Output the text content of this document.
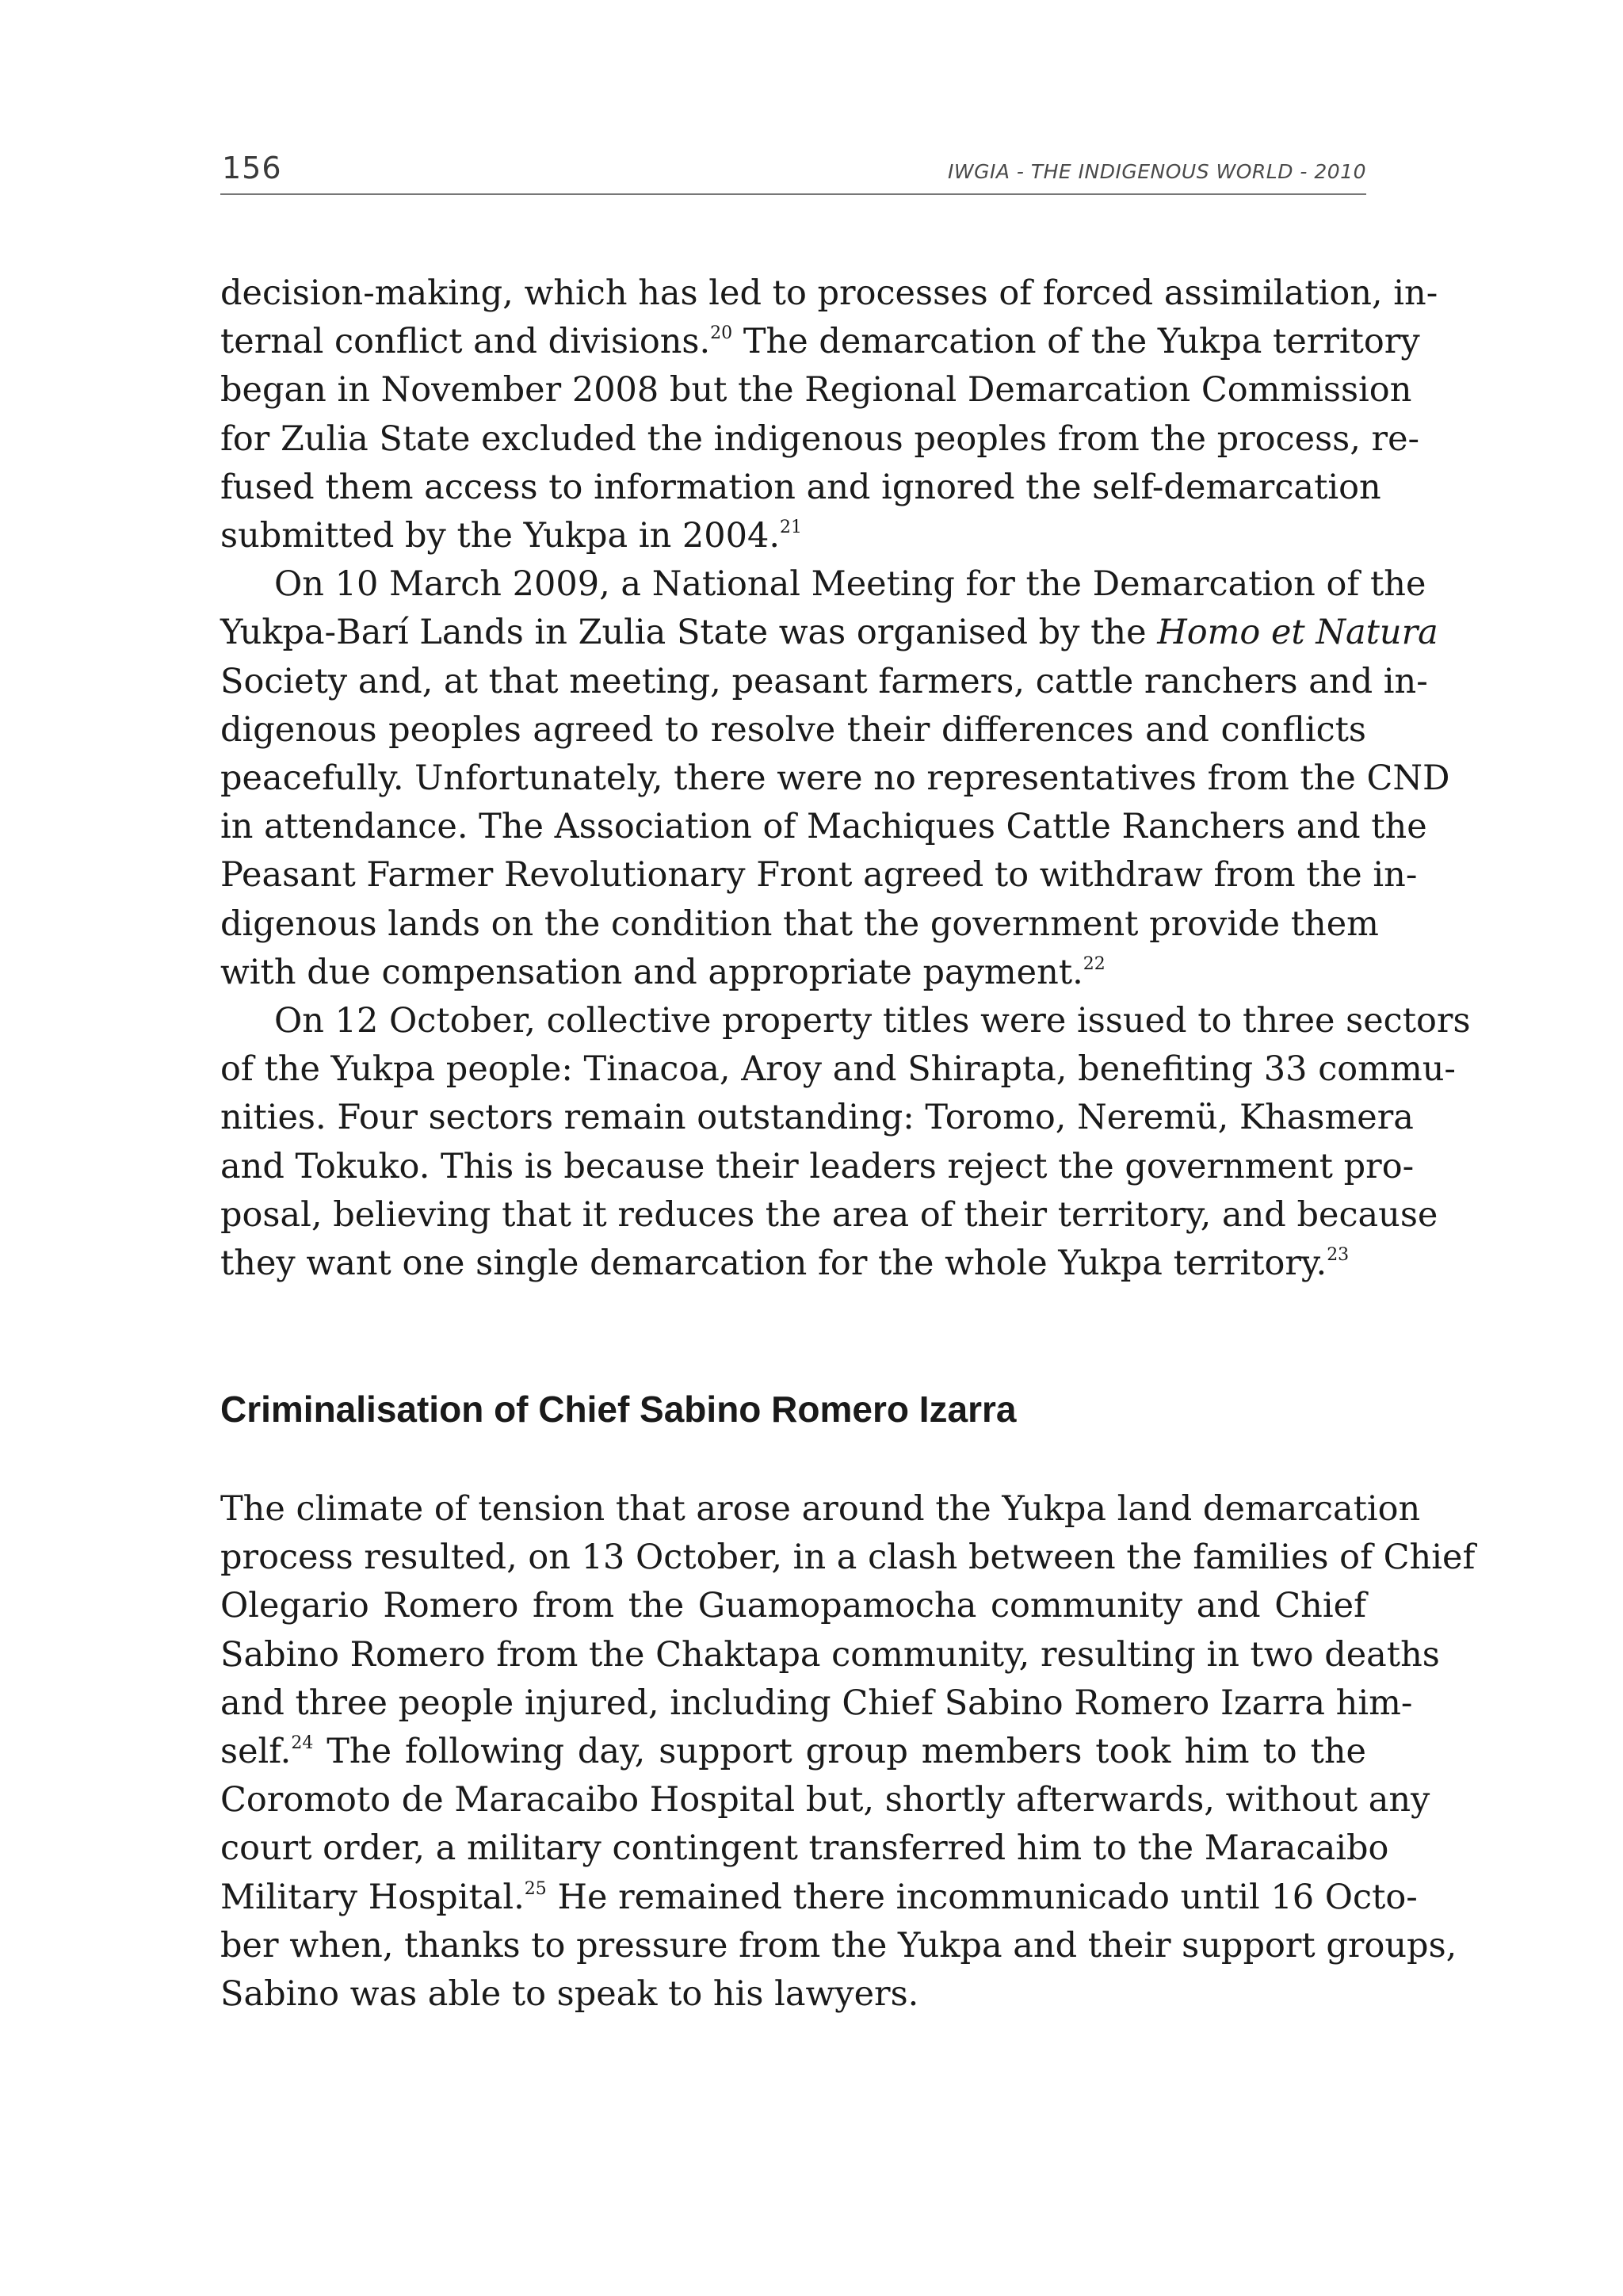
156	IWGIA - THE INDIGENOUS WORLD - 2010

decision-making, which has led to processes of forced assimilation, in-
ternal conflict and divisions.$^{20}$ The demarcation of the Yukpa territory
began in November 2008 but the Regional Demarcation Commission
for Zulia State excluded the indigenous peoples from the process, re-
fused them access to information and ignored the self-demarcation
submitted by the Yukpa in 2004.21

On 10 March 2009, a National Meeting for the Demarcation of the
Yukpa-Barí Lands in Zulia State was organised by the Homo et Natura
Society and, at that meeting, peasant farmers, cattle ranchers and in-
digenous peoples agreed to resolve their differences and conflicts
peacefully. Unfortunately, there were no representatives from the CND
in attendance. The Association of Machiques Cattle Ranchers and the
Peasant Farmer Revolutionary Front agreed to withdraw from the in-
digenous lands on the condition that the government provide them
with due compensation and appropriate payment.$^{22}$

On 12 October, collective property titles were issued to three sectors
of the Yukpa people: Tinacoa, Aroy and Shirapta, benefiting 33 commu-
nities. Four sectors remain outstanding: Toromo, Neremü, Khasmera
and Tokuko. This is because their leaders reject the government pro-
posal, believing that it reduces the area of their territory, and because
they want one single demarcation for the whole Yukpa territory.$^{23}$

Criminalisation of Chief Sabino Romero Izarra

The climate of tension that arose around the Yukpa land demarcation
process resulted, on 13 October, in a clash between the families of Chief
Olegario Romero from the Guamopamocha community and Chief
Sabino Romero from the Chaktapa community, resulting in two deaths
and three people injured, including Chief Sabino Romero Izarra him-
self.$^{24}$ The following day, support group members took him to the
Coromoto de Maracaibo Hospital but, shortly afterwards, without any
court order, a military contingent transferred him to the Maracaibo
Military Hospital.$^{25}$ He remained there incommunicado until 16 Octo-
ber when, thanks to pressure from the Yukpa and their support groups,
Sabino was able to speak to his lawyers.
